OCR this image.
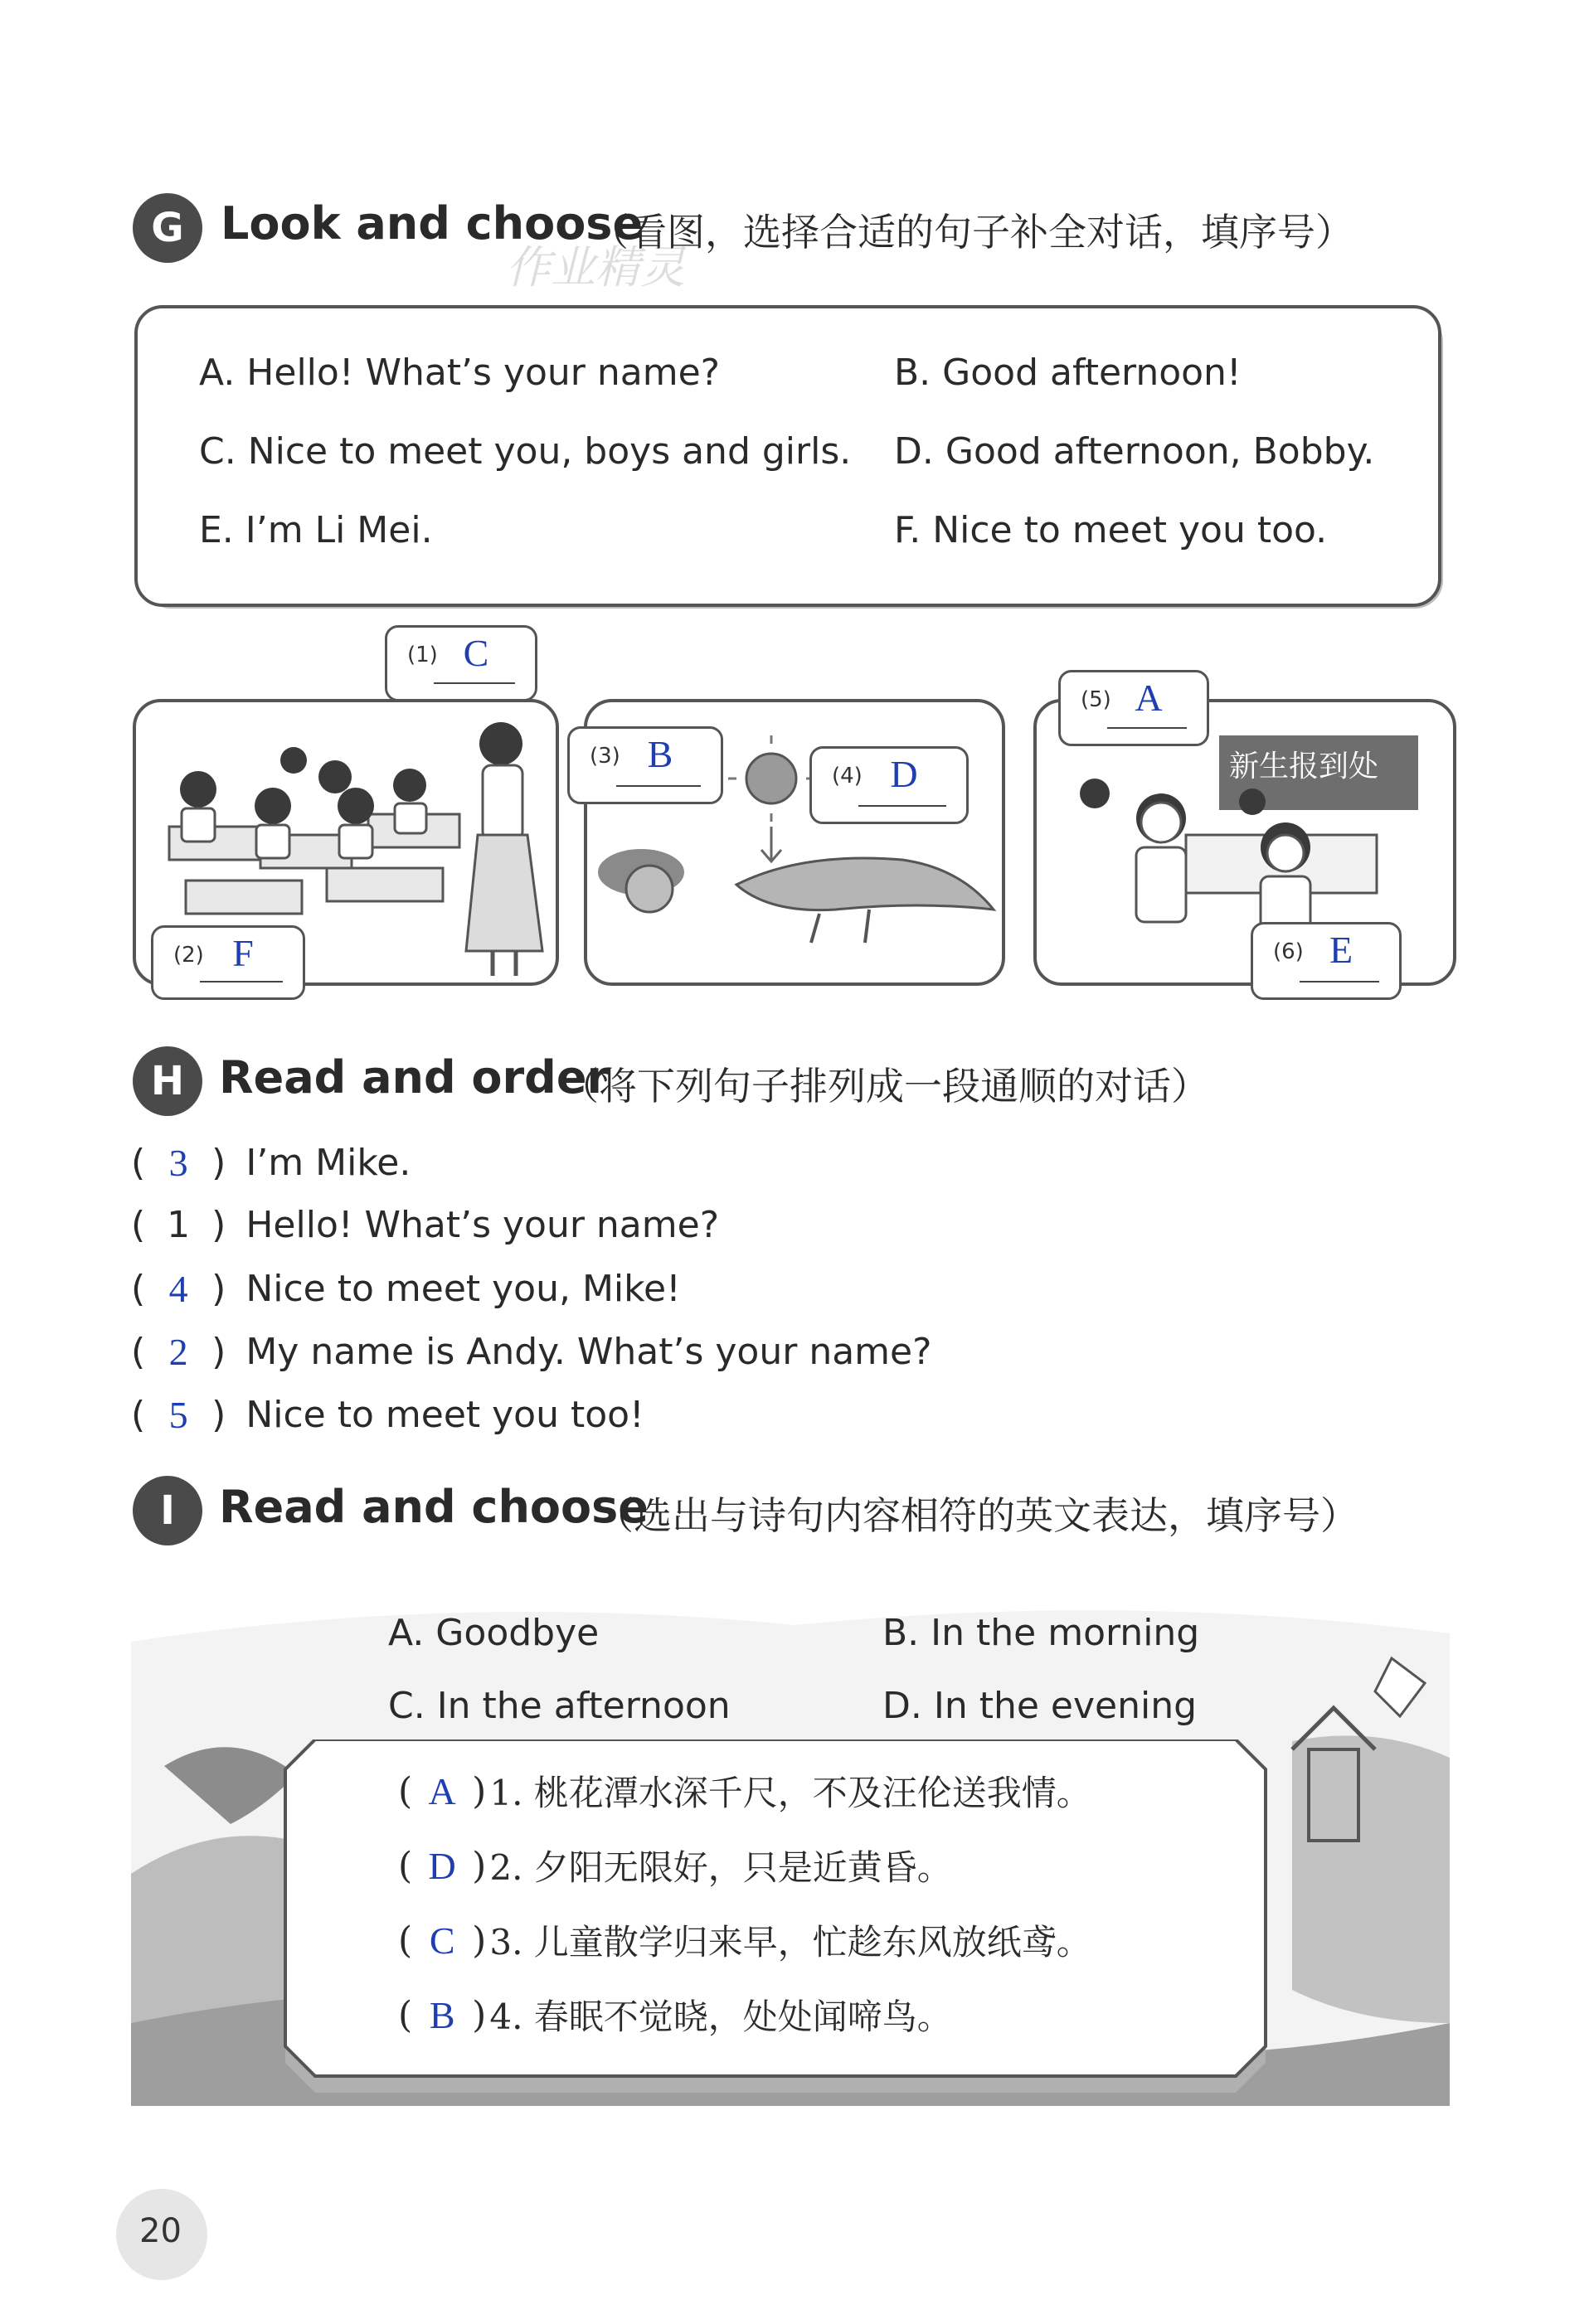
G Look and choose
（看图，选择合适的句子补全对话，填序号）
作业精灵
A. Hello! What’s your name?	B. Good afternoon!
C. Nice to meet you, boys and girls. D. Good afternoon, Bobby.
E. I’m Li Mei.	F. Nice to meet you too.
(1) C
(2) F
(3) B
(4) D	新生报到处
(5) A
(6) E
H Read and order
（将下列句子排列成一段通顺的对话）
( 3 ) I’m Mike.
( 1 ) Hello! What’s your name?
( 4 ) Nice to meet you, Mike!
( 2 ) My name is Andy. What’s your name?
( 5 ) Nice to meet you too!
I Read and choose
（选出与诗句内容相符的英文表达，填序号）
A. Goodbye	B. In the morning
C. In the afternoon	D. In the evening
( A ) 1. 桃花潭水深千尺，不及汪伦送我情。
( D ) 2. 夕阳无限好，只是近黄昏。
( C ) 3. 儿童散学归来早，忙趁东风放纸鸢。
( B ) 4. 春眠不觉晓，处处闻啼鸟。
20
